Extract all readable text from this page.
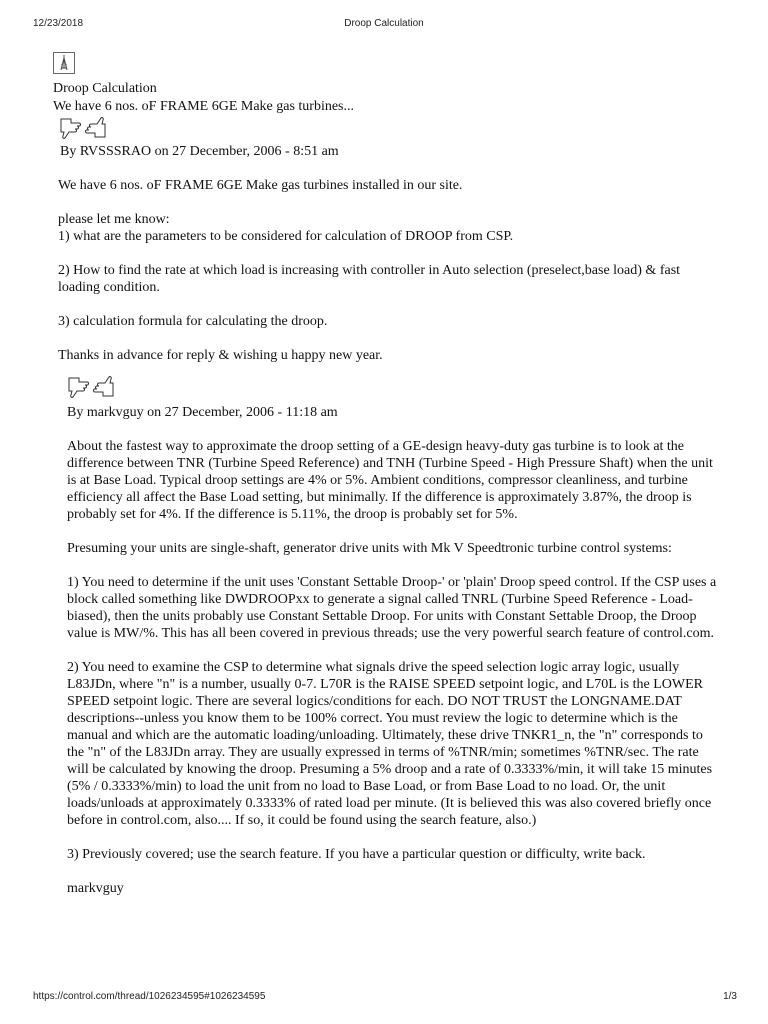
12/23/2018	Droop Calculation
Droop Calculation
We have 6 nos. oF FRAME 6GE Make gas turbines...
By RVSSSRAO on 27 December, 2006 - 8:51 am

We have 6 nos. oF FRAME 6GE Make gas turbines installed in our site.

please let me know:

1) what are the parameters to be considered for calculation of DROOP from CSP.

2) How to find the rate at which load is increasing with controller in Auto selection (preselect,base load) & fast loading condition.

3) calculation formula for calculating the droop.

Thanks in advance for reply & wishing u happy new year.

By markvguy on 27 December, 2006 - 11:18 am

About the fastest way to approximate the droop setting of a GE-design heavy-duty gas turbine is to look at the difference between TNR (Turbine Speed Reference) and TNH (Turbine Speed - High Pressure Shaft) when the unit is at Base Load. Typical droop settings are 4% or 5%. Ambient conditions, compressor cleanliness, and turbine efficiency all affect the Base Load setting, but minimally. If the difference is approximately 3.87%, the droop is probably set for 4%. If the difference is 5.11%, the droop is probably set for 5%.

Presuming your units are single-shaft, generator drive units with Mk V Speedtronic turbine control systems:

1) You need to determine if the unit uses 'Constant Settable Droop-' or 'plain' Droop speed control. If the CSP uses a block called something like DWDROOPxx to generate a signal called TNRL (Turbine Speed Reference - Load-biased), then the units probably use Constant Settable Droop. For units with Constant Settable Droop, the Droop value is MW/%. This has all been covered in previous threads; use the very powerful search feature of control.com.

2) You need to examine the CSP to determine what signals drive the speed selection logic array logic, usually L83JDn, where "n" is a number, usually 0-7. L70R is the RAISE SPEED setpoint logic, and L70L is the LOWER SPEED setpoint logic. There are several logics/conditions for each. DO NOT TRUST the LONGNAME.DAT descriptions--unless you know them to be 100% correct. You must review the logic to determine which is the manual and which are the automatic loading/unloading. Ultimately, these drive TNKR1_n, the "n" corresponds to the "n" of the L83JDn array. They are usually expressed in terms of %TNR/min; sometimes %TNR/sec. The rate will be calculated by knowing the droop. Presuming a 5% droop and a rate of 0.3333%/min, it will take 15 minutes (5% / 0.3333%/min) to load the unit from no load to Base Load, or from Base Load to no load. Or, the unit loads/unloads at approximately 0.3333% of rated load per minute. (It is believed this was also covered briefly once before in control.com, also.... If so, it could be found using the search feature, also.)

3) Previously covered; use the search feature. If you have a particular question or difficulty, write back.

markvguy

https://control.com/thread/1026234595#1026234595	1/3
